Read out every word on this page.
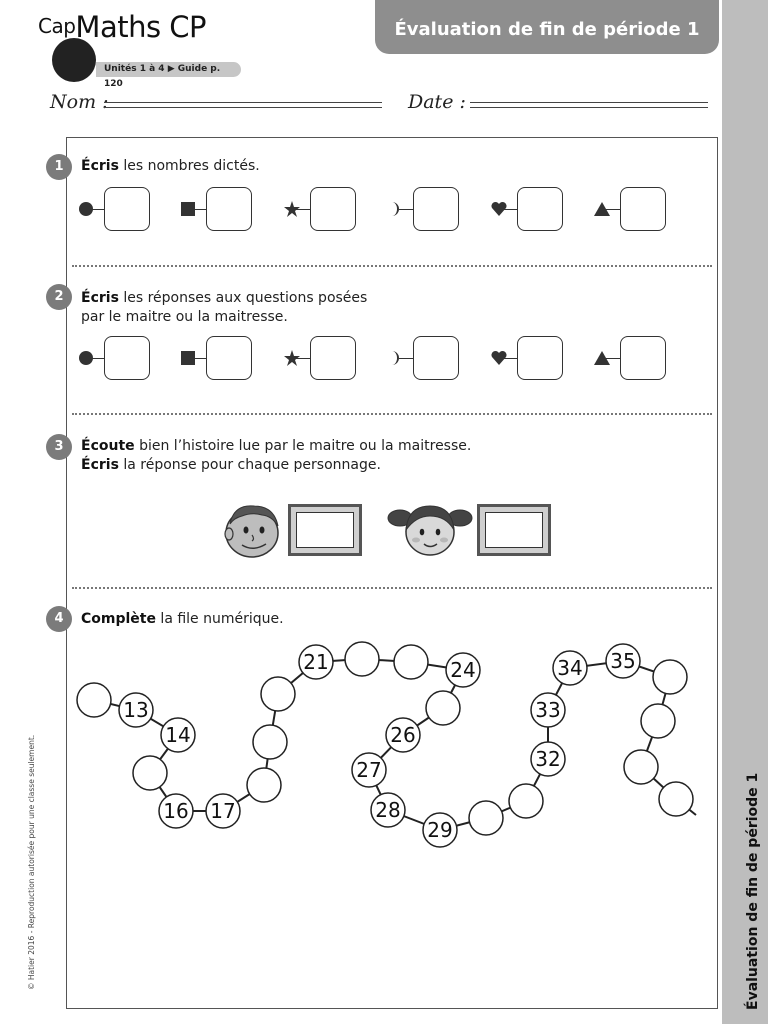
Évaluation de fin de période 1
© Hatier 2016 - Reproduction autorisée pour une classe seulement.
CapMaths CP
Unités 1 à 4 ▶ Guide p. 120
Évaluation de fin de période 1
Nom :	Date :
1	Écris les nombres dictés.
2	Écris les réponses aux questions posées
par le maitre ou la maitresse.
3	Écoute bien l’histoire lue par le maitre ou la maitresse.
Écris la réponse pour chaque personnage.
4	Complète la file numérique.
13
14
16 17
21	24
26
27
28
29
32
33
34 35
